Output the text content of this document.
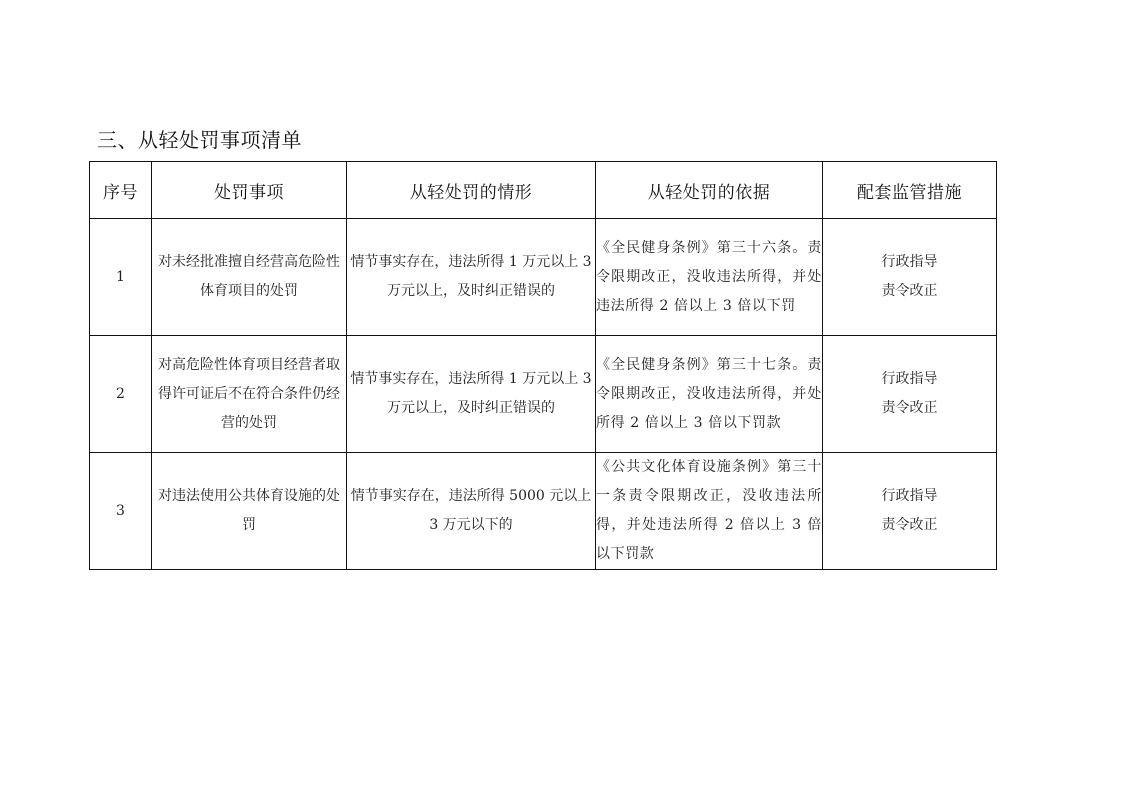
三、从轻处罚事项清单
序号	处罚事项	从轻处罚的情形	从轻处罚的依据	配套监管措施
1	对未经批准擅自经营高危险性体育项目的处罚	情节事实存在，违法所得 1 万元以上 3 万元以上，及时纠正错误的	《全民健身条例》第三十六条。责令限期改正，没收违法所得，并处违法所得 2 倍以上 3 倍以下罚	行政指导
责令改正

2	对高危险性体育项目经营者取得许可证后不在符合条件仍经营的处罚	情节事实存在，违法所得 1 万元以上 3 万元以上，及时纠正错误的	《全民健身条例》第三十七条。责令限期改正，没收违法所得，并处所得 2 倍以上 3 倍以下罚款	行政指导
责令改正

3	对违法使用公共体育设施的处罚	情节事实存在，违法所得 5000 元以上 3 万元以下的	《公共文化体育设施条例》第三十一条责令限期改正，没收违法所得，并处违法所得 2 倍以上 3 倍以下罚款	行政指导
责令改正
